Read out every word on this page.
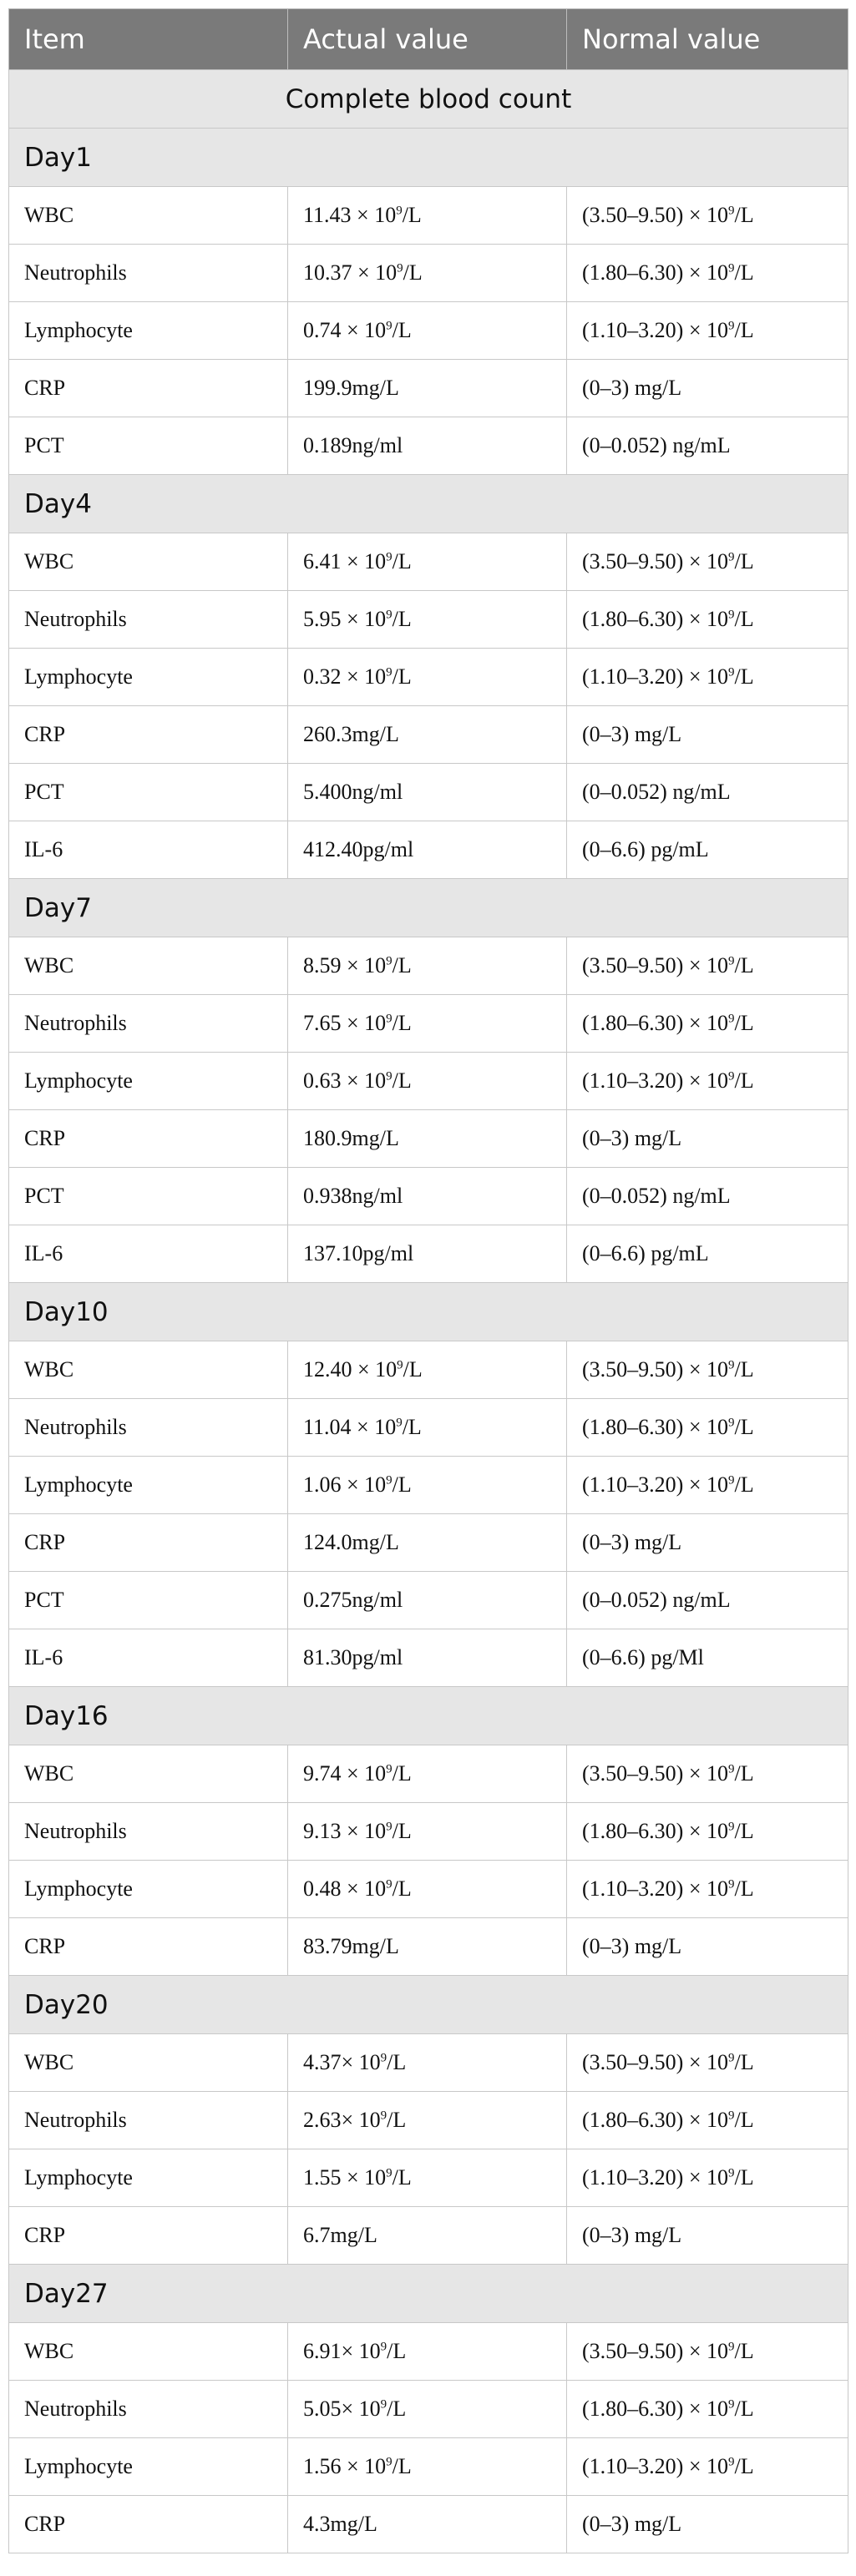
Item	Actual value	Normal value
Complete blood count		
Day1		
WBC	$11.43 \times 10^9/L$	$(3.50-9.50) \times 10^9/L$
Neutrophils	$10.37 \times 10^9/L$	$(1.80-6.30) \times 10^9/L$
Lymphocyte	$0.74 \times 10^9/L$	$(1.10-3.20) \times 10^9/L$
CRP	199.9mg/L	(0–3) mg/L
PCT	0.189ng/ml	(0–0.052) ng/mL
Day4		
WBC	$6.41 \times 10^9/L$	$(3.50-9.50) \times 10^9/L$
Neutrophils	$5.95 \times 10^9/L$	$(1.80-6.30) \times 10^9/L$
Lymphocyte	$0.32 \times 10^9/L$	$(1.10-3.20) \times 10^9/L$
CRP	260.3mg/L	(0–3) mg/L
PCT	5.400ng/ml	(0–0.052) ng/mL
IL-6	412.40pg/ml	(0–6.6) pg/mL
Day7		
WBC	$8.59 \times 10^9/L$	$(3.50-9.50) \times 10^9/L$
Neutrophils	$7.65 \times 10^9/L$	$(1.80-6.30) \times 10^9/L$
Lymphocyte	$0.63 \times 10^9/L$	$(1.10-3.20) \times 10^9/L$
CRP	180.9mg/L	(0–3) mg/L
PCT	0.938ng/ml	(0–0.052) ng/mL
IL-6	137.10pg/ml	(0–6.6) pg/mL
Day10		
WBC	$12.40 \times 10^9/L$	$(3.50-9.50) \times 10^9/L$
Neutrophils	$11.04 \times 10^9/L$	$(1.80-6.30) \times 10^9/L$
Lymphocyte	$1.06 \times 10^9/L$	$(1.10-3.20) \times 10^9/L$
CRP	124.0mg/L	(0–3) mg/L
PCT	0.275ng/ml	(0–0.052) ng/mL
IL-6	81.30pg/ml	(0–6.6) pg/Ml
Day16		
WBC	$9.74 \times 10^9/L$	$(3.50-9.50) \times 10^9/L$
Neutrophils	$9.13 \times 10^9/L$	$(1.80-6.30) \times 10^9/L$
Lymphocyte	$0.48 \times 10^9/L$	$(1.10-3.20) \times 10^9/L$
CRP	83.79mg/L	(0–3) mg/L
Day20		
WBC	$4.37\times 10^9/L$	$(3.50-9.50) \times 10^9/L$
Neutrophils	$2.63\times 10^9/L$	$(1.80-6.30) \times 10^9/L$
Lymphocyte	$1.55 \times 10^9/L$	$(1.10-3.20) \times 10^9/L$
CRP	6.7mg/L	(0–3) mg/L
Day27		
WBC	$6.91\times 10^9/L$	$(3.50-9.50) \times 10^9/L$
Neutrophils	$5.05\times 10^9/L$	$(1.80-6.30) \times 10^9/L$
Lymphocyte	$1.56 \times 10^9/L$	$(1.10-3.20) \times 10^9/L$
CRP	4.3mg/L	(0–3) mg/L
